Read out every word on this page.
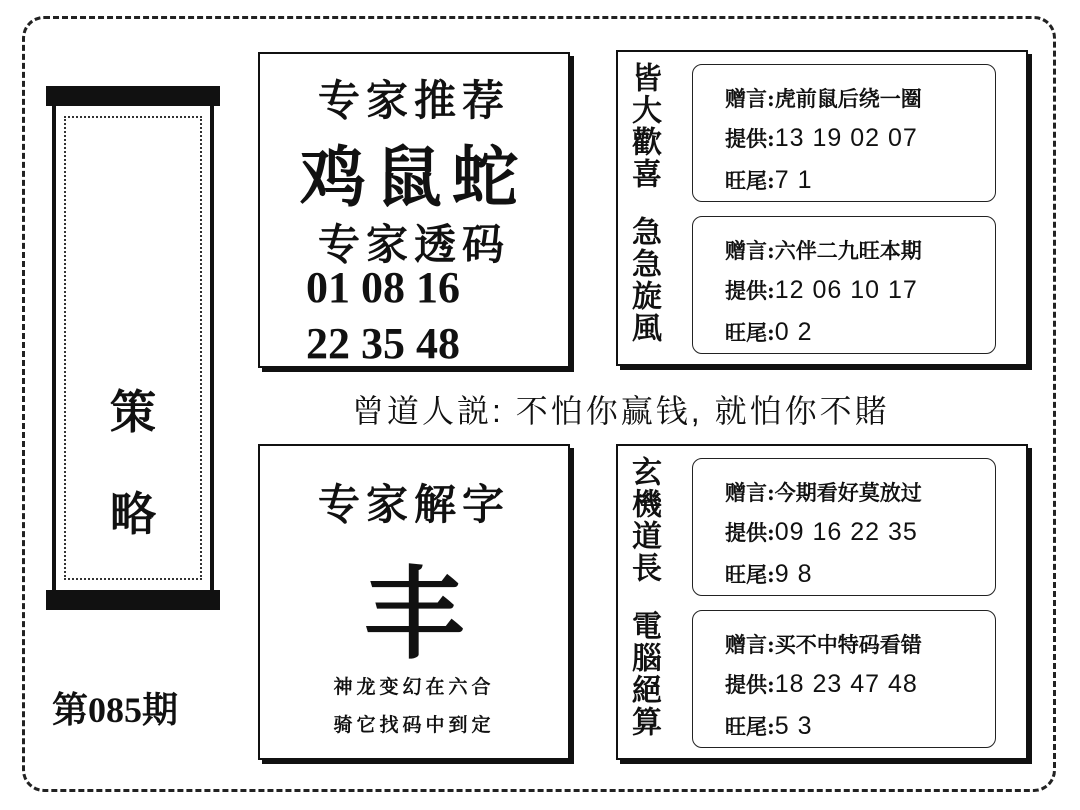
策
略
第085期
专家推荐
鸡鼠蛇
专家透码
01 08 16
22 35 48
曾道人説: 不怕你赢钱, 就怕你不賭
专家解字
丰
神龙变幻在六合
骑它找码中到定
皆大歡喜
急急旋風
赠言:虎前鼠后绕一圈
提供:13 19 02 07
旺尾:7 1
赠言:六伴二九旺本期
提供:12 06 10 17
旺尾:0 2
玄機道長
電腦絕算
赠言:今期看好莫放过
提供:09 16 22 35
旺尾:9 8
赠言:买不中特码看错
提供:18 23 47 48
旺尾:5 3
